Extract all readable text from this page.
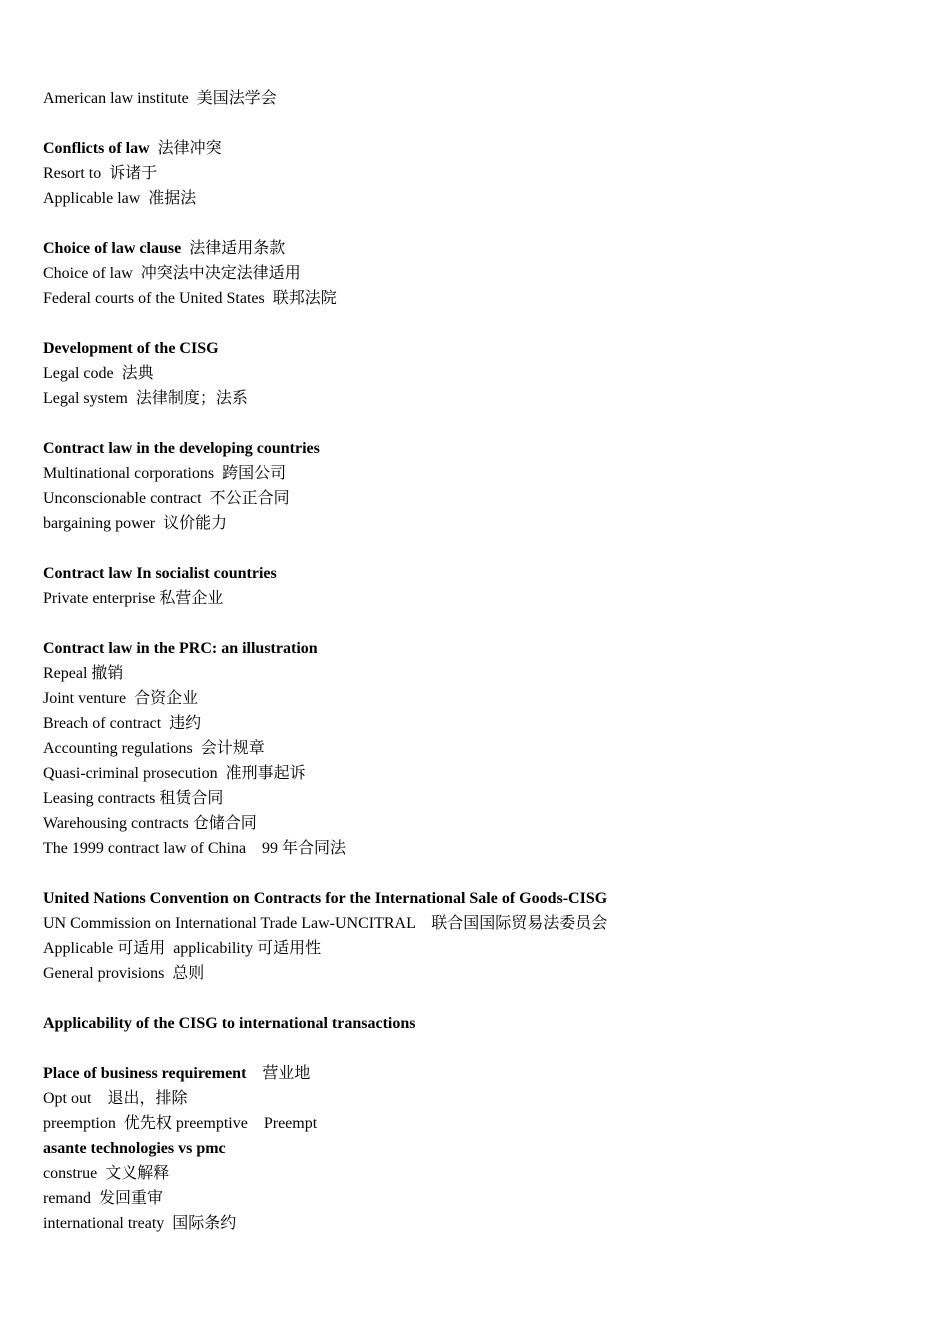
American law institute  美国法学会
Conflicts of law  法律冲突
Resort to  诉诸于
Applicable law  准据法
Choice of law clause  法律适用条款
Choice of law  冲突法中决定法律适用
Federal courts of the United States  联邦法院
Development of the CISG
Legal code  法典
Legal system  法律制度；法系
Contract law in the developing countries
Multinational corporations  跨国公司
Unconscionable contract  不公正合同
bargaining power  议价能力
Contract law In socialist countries
Private enterprise 私营企业
Contract law in the PRC: an illustration
Repeal 撤销
Joint venture  合资企业
Breach of contract  违约
Accounting regulations  会计规章
Quasi-criminal prosecution  准刑事起诉
Leasing contracts 租赁合同
Warehousing contracts 仓储合同
The 1999 contract law of China    99 年合同法
United Nations Convention on Contracts for the International Sale of Goods-CISG
UN Commission on International Trade Law-UNCITRAL    联合国国际贸易法委员会
Applicable 可适用  applicability 可适用性
General provisions  总则
Applicability of the CISG to international transactions
Place of business requirement    营业地
Opt out    退出，排除
preemption  优先权 preemptive    Preempt
asante technologies vs pmc
construe  文义解释
remand  发回重审
international treaty  国际条约
